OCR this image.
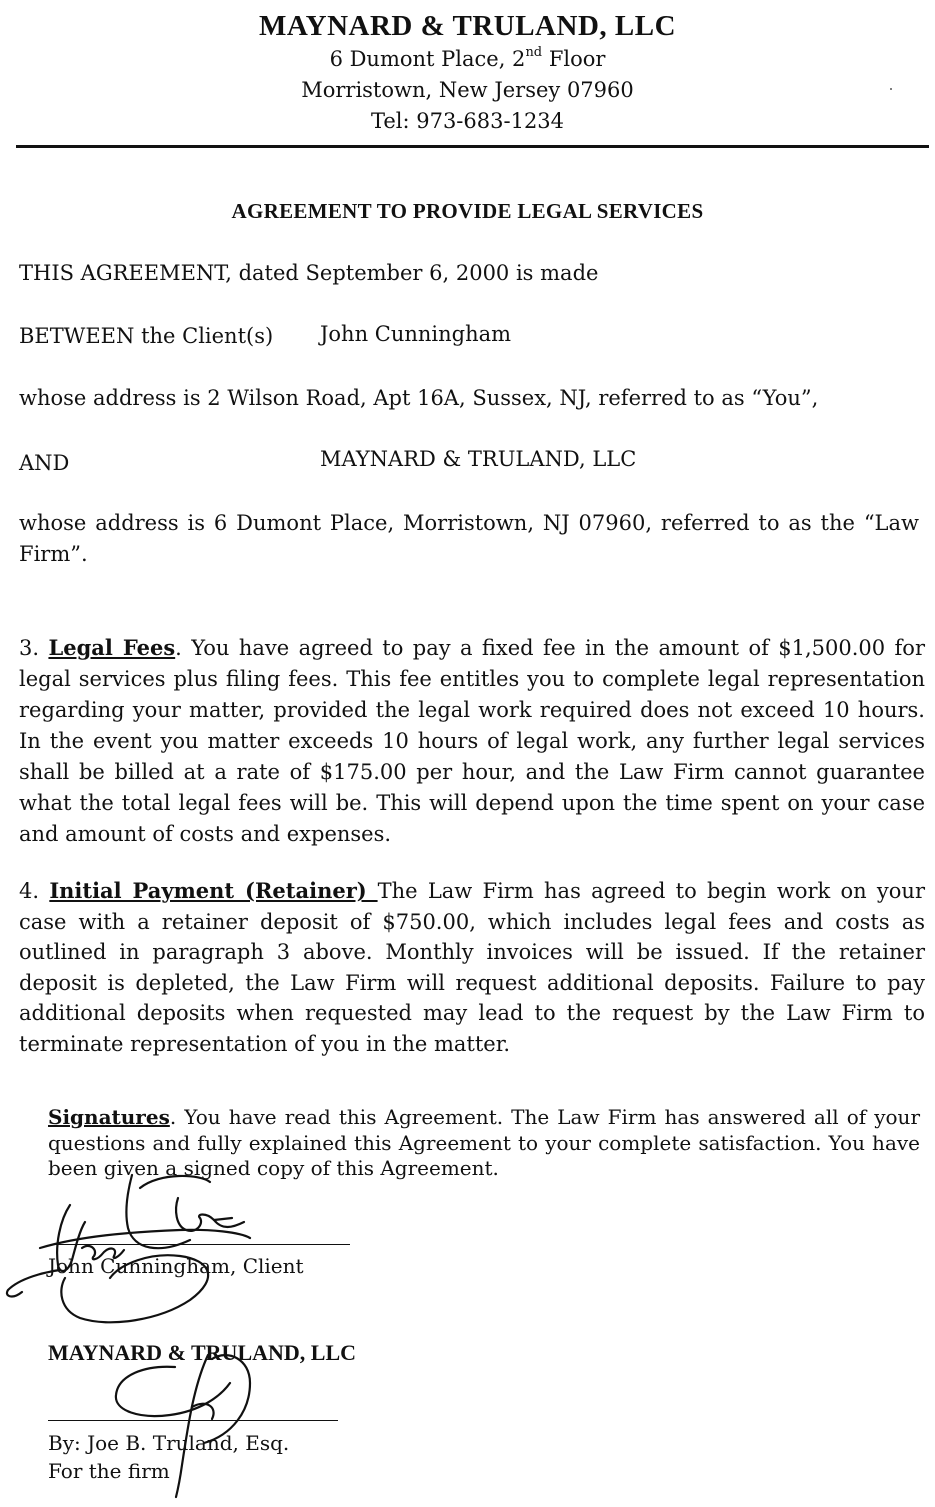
MAYNARD & TRULAND, LLC
6 Dumont Place, 2nd Floor
Morristown, New Jersey 07960
Tel: 973-683-1234
AGREEMENT TO PROVIDE LEGAL SERVICES
THIS AGREEMENT, dated September 6, 2000 is made
BETWEEN the Client(s) John Cunningham
whose address is 2 Wilson Road, Apt 16A, Sussex, NJ, referred to as “You”,
AND	MAYNARD & TRULAND, LLC
whose address is 6 Dumont Place, Morristown, NJ 07960, referred to as the “Law Firm”.
3. Legal Fees. You have agreed to pay a fixed fee in the amount of $1,500.00 for legal services plus filing fees. This fee entitles you to complete legal representation regarding your matter, provided the legal work required does not exceed 10 hours. In the event you matter exceeds 10 hours of legal work, any further legal services shall be billed at a rate of $175.00 per hour, and the Law Firm cannot guarantee what the total legal fees will be. This will depend upon the time spent on your case and amount of costs and expenses.
4. Initial Payment (Retainer) The Law Firm has agreed to begin work on your case with a retainer deposit of $750.00, which includes legal fees and costs as outlined in paragraph 3 above. Monthly invoices will be issued. If the retainer deposit is depleted, the Law Firm will request additional deposits. Failure to pay additional deposits when requested may lead to the request by the Law Firm to terminate representation of you in the matter.
Signatures. You have read this Agreement. The Law Firm has answered all of your questions and fully explained this Agreement to your complete satisfaction. You have been given a signed copy of this Agreement.
John Cunningham, Client
MAYNARD & TRULAND, LLC
By: Joe B. Truland, Esq.
For the firm
